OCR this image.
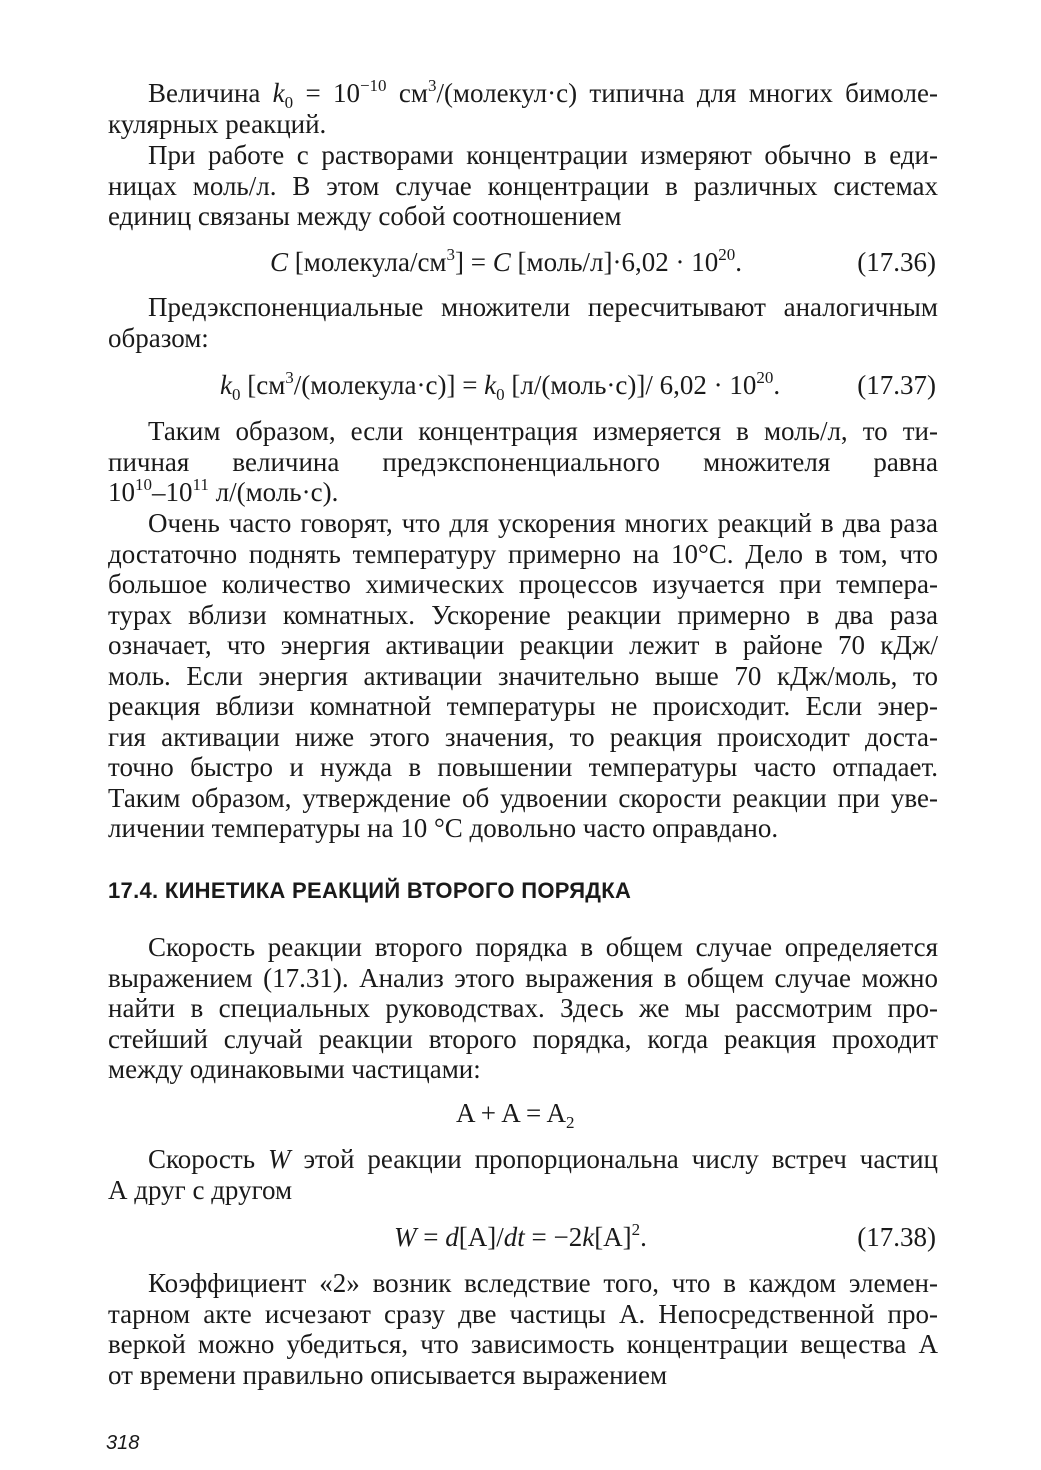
Величина $k_0 = 10^{-10}$ $см^3/(молекул\cdot с)$ типична для многих бимоле-
кулярных реакций.
При работе с растворами концентрации измеряют обычно в еди-
ницах моль/л. В этом случае концентрации в различных системах
единиц связаны между собой соотношением
C $[молекула/см^3] = C$ [моль/л]·6,02 · $10^{20}$.	(17.36)
Предэкспоненциальные множители пересчитывают аналогичным
образом:
$k_0$ $[см^3/(молекула\cdot с)] = k_0$ [л/(моль·с)]/ $6,02 \cdot 10^{20}$.	(17.37)
Таким образом, если концентрация измеряется в моль/л, то ти-
пичная величина предэкспоненциального множителя равна
$10^{10}-10^{11}$ л/(моль·с).
Очень часто говорят, что для ускорения многих реакций в два раза
достаточно поднять температуру примерно на 10°С. Дело в том, что
большое количество химических процессов изучается при темпера-
турах вблизи комнатных. Ускорение реакции примерно в два раза
означает, что энергия активации реакции лежит в районе 70 кДж/
моль. Если энергия активации значительно выше 70 кДж/моль, то
реакция вблизи комнатной температуры не происходит. Если энер-
гия активации ниже этого значения, то реакция происходит доста-
точно быстро и нужда в повышении температуры часто отпадает.
Таким образом, утверждение об удвоении скорости реакции при уве-
личении температуры на 10 °С довольно часто оправдано.
17.4. КИНЕТИКА РЕАКЦИЙ ВТОРОГО ПОРЯДКА
Скорость реакции второго порядка в общем случае определяется
выражением (17.31). Анализ этого выражения в общем случае можно
найти в специальных руководствах. Здесь же мы рассмотрим про-
стейший случай реакции второго порядка, когда реакция проходит
между одинаковыми частицами:
$A + A = A_2$
Скорость W этой реакции пропорциональна числу встреч частиц
А друг с другом
$W = d[A]/dt = -2k[A]^2$.	(17.38)
Коэффициент «2» возник вследствие того, что в каждом элемен-
тарном акте исчезают сразу две частицы А. Непосредственной про-
веркой можно убедиться, что зависимость концентрации вещества А
от времени правильно описывается выражением
318
